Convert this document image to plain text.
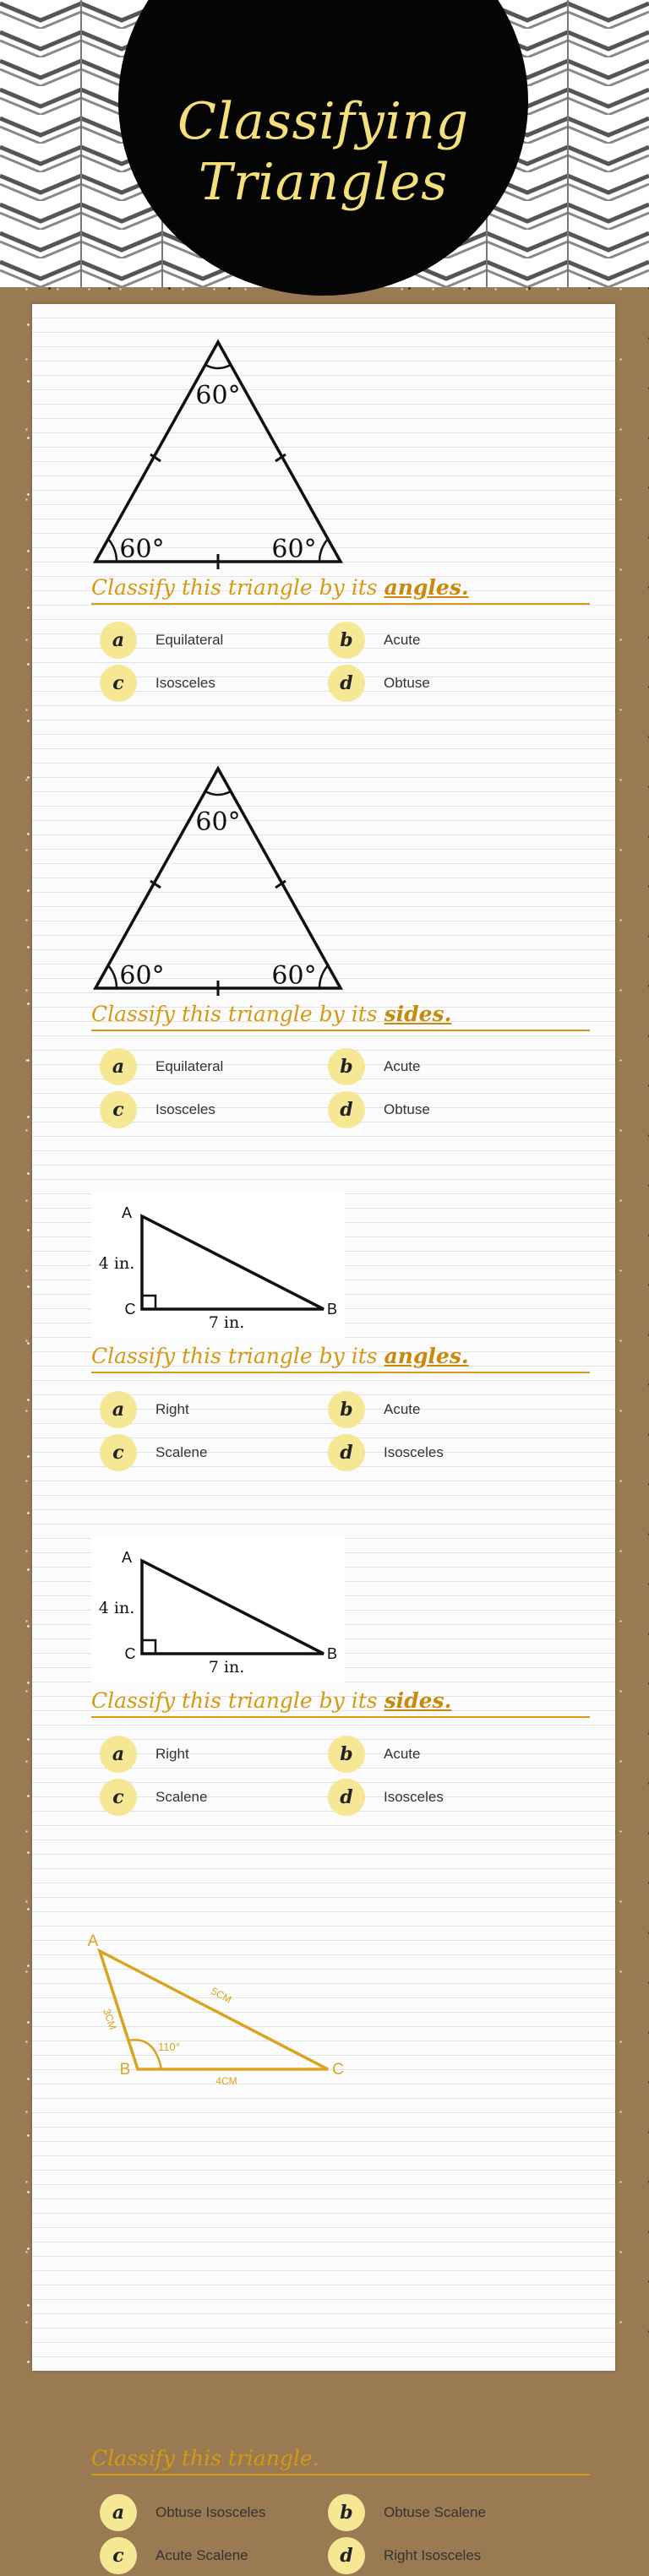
Classifying
Triangles
60°
60°	60°
Classify this triangle by its angles.
a	Equilateral	b	Acute
c	Isosceles	d	Obtuse
60°
60°	60°
Classify this triangle by its sides.
a	Equilateral	b	Acute
c	Isosceles	d	Obtuse
A
C	B
4 in.
7 in.
Classify this triangle by its angles.
a	Right	b	Acute
c	Scalene	d	Isosceles
A
C	B
4 in.
7 in.
Classify this triangle by its sides.
a	Right	b	Acute
c	Scalene	d	Isosceles
A
B	C
3CM
5CM
4CM
110°
Classify this triangle.
a	Obtuse Isosceles	b	Obtuse Scalene
c	Acute Scalene	d	Right Isosceles
